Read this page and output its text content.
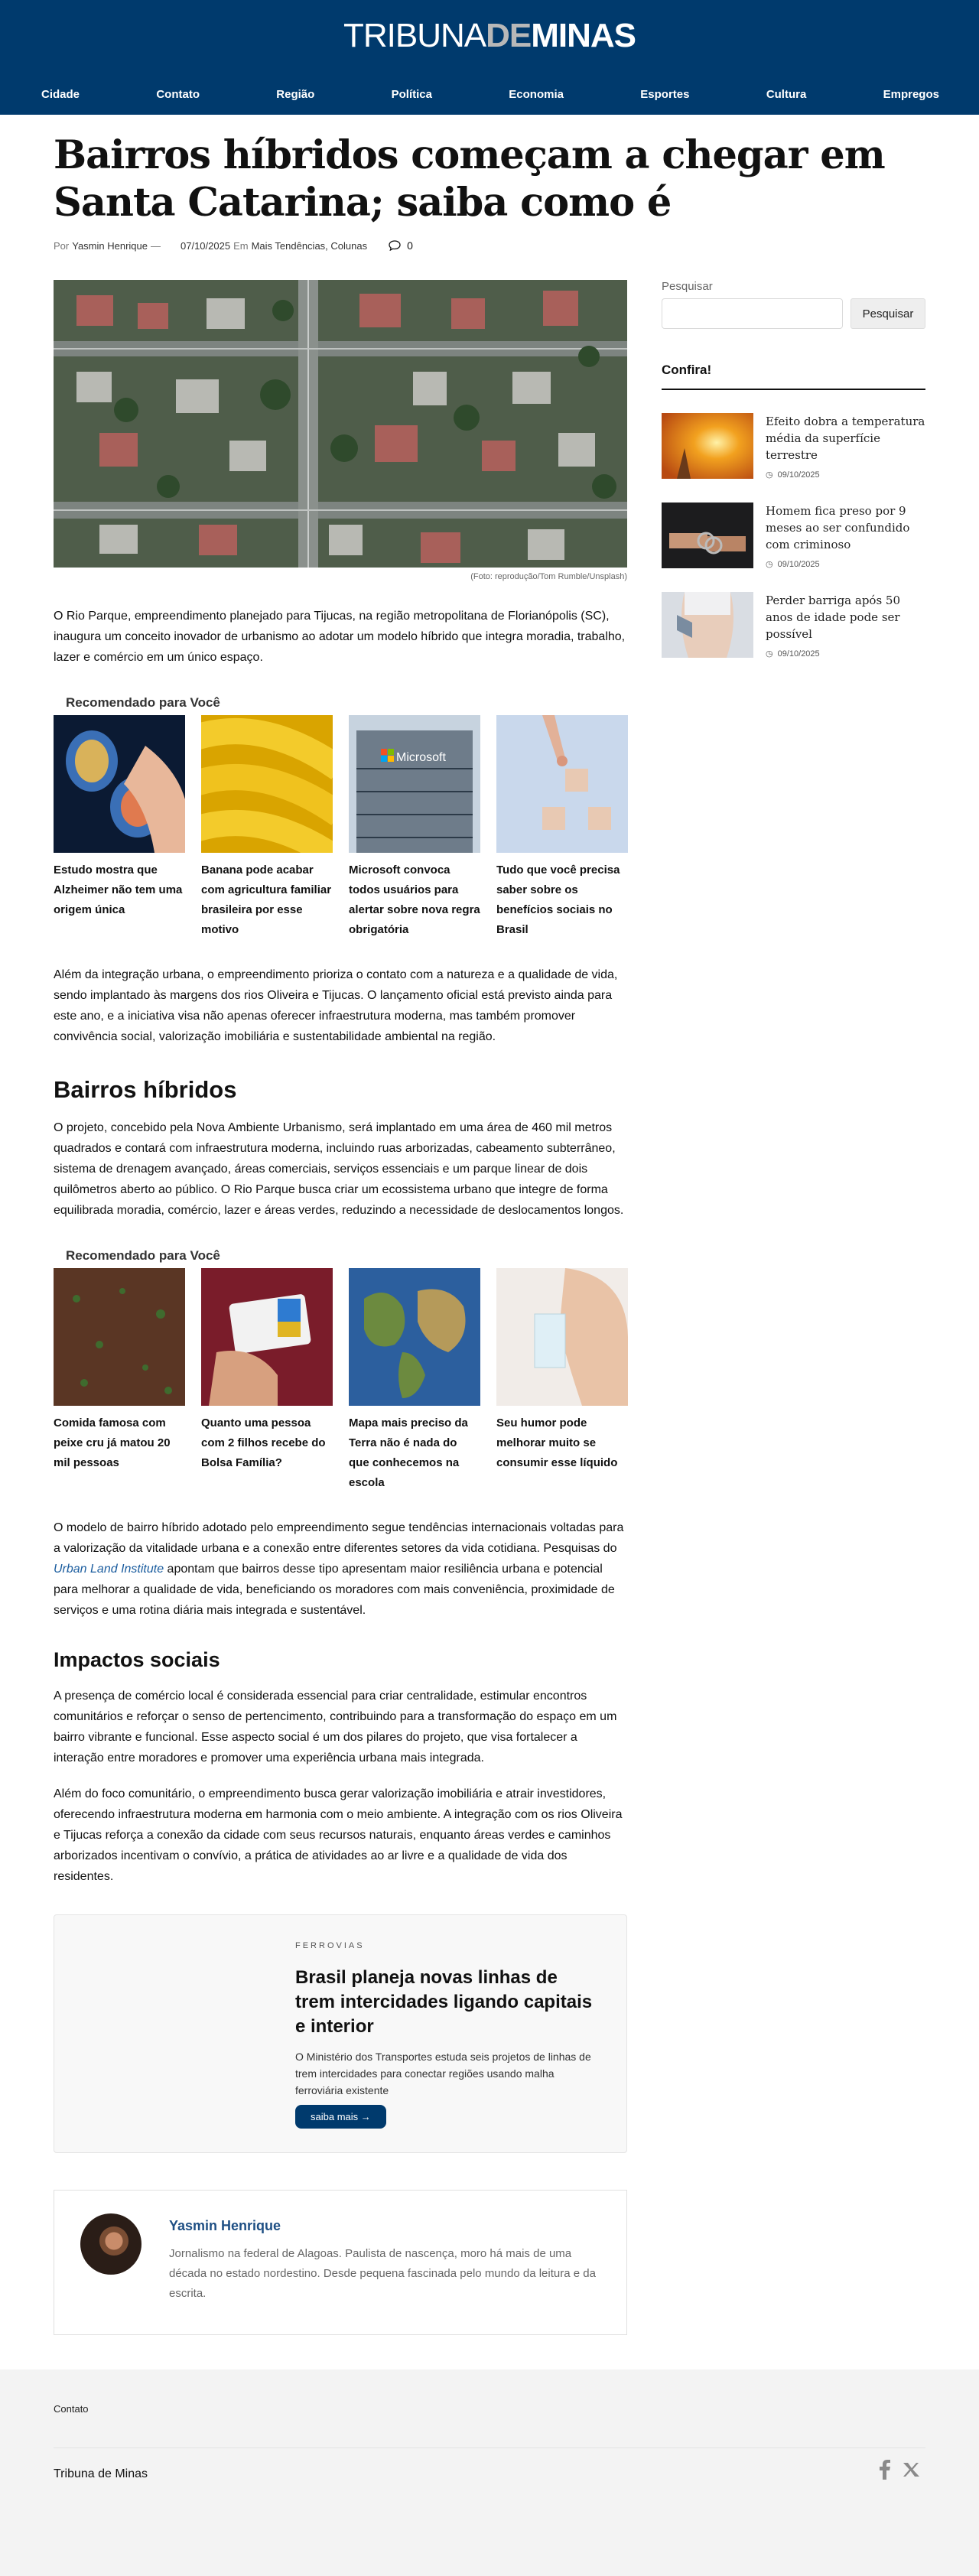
TRIBUNADEMINAS
Cidade	Contato	Região	Política	Economia	Esportes	Cultura	Empregos
Bairros híbridos começam a chegar em Santa Catarina; saiba como é
Por Yasmin Henrique — 07/10/2025 Em Mais Tendências, Colunas	0
(Foto: reprodução/Tom Rumble/Unsplash)

O Rio Parque, empreendimento planejado para Tijucas, na região metropolitana de Florianópolis (SC), inaugura um conceito inovador de urbanismo ao adotar um modelo híbrido que integra moradia, trabalho, lazer e comércio em um único espaço.

Recomendado para Você
Estudo mostra que Alzheimer não tem uma origem única
Banana pode acabar com agricultura familiar brasileira por esse motivo
Microsoft
Microsoft convoca todos usuários para alertar sobre nova regra obrigatória
Tudo que você precisa saber sobre os benefícios sociais no Brasil

Além da integração urbana, o empreendimento prioriza o contato com a natureza e a qualidade de vida, sendo implantado às margens dos rios Oliveira e Tijucas. O lançamento oficial está previsto ainda para este ano, e a iniciativa visa não apenas oferecer infraestrutura moderna, mas também promover convivência social, valorização imobiliária e sustentabilidade ambiental na região.

Bairros híbridos

O projeto, concebido pela Nova Ambiente Urbanismo, será implantado em uma área de 460 mil metros quadrados e contará com infraestrutura moderna, incluindo ruas arborizadas, cabeamento subterrâneo, sistema de drenagem avançado, áreas comerciais, serviços essenciais e um parque linear de dois quilômetros aberto ao público. O Rio Parque busca criar um ecossistema urbano que integre de forma equilibrada moradia, comércio, lazer e áreas verdes, reduzindo a necessidade de deslocamentos longos.

Recomendado para Você
Comida famosa com peixe cru já matou 20 mil pessoas
Quanto uma pessoa com 2 filhos recebe do Bolsa Família?
Mapa mais preciso da Terra não é nada do que conhecemos na escola
Seu humor pode melhorar muito se consumir esse líquido

O modelo de bairro híbrido adotado pelo empreendimento segue tendências internacionais voltadas para a valorização da vitalidade urbana e a conexão entre diferentes setores da vida cotidiana. Pesquisas do Urban Land Institute apontam que bairros desse tipo apresentam maior resiliência urbana e potencial para melhorar a qualidade de vida, beneficiando os moradores com mais conveniência, proximidade de serviços e uma rotina diária mais integrada e sustentável.

Impactos sociais

A presença de comércio local é considerada essencial para criar centralidade, estimular encontros comunitários e reforçar o senso de pertencimento, contribuindo para a transformação do espaço em um bairro vibrante e funcional. Esse aspecto social é um dos pilares do projeto, que visa fortalecer a interação entre moradores e promover uma experiência urbana mais integrada.

Além do foco comunitário, o empreendimento busca gerar valorização imobiliária e atrair investidores, oferecendo infraestrutura moderna em harmonia com o meio ambiente. A integração com os rios Oliveira e Tijucas reforça a conexão da cidade com seus recursos naturais, enquanto áreas verdes e caminhos arborizados incentivam o convívio, a prática de atividades ao ar livre e a qualidade de vida dos residentes.

FERROVIAS
Brasil planeja novas linhas de trem intercidades ligando capitais e interior
O Ministério dos Transportes estuda seis projetos de linhas de trem intercidades para conectar regiões usando malha ferroviária existente
saiba mais →
Yasmin Henrique
Jornalismo na federal de Alagoas. Paulista de nascença, moro há mais de uma década no estado nordestino. Desde pequena fascinada pelo mundo da leitura e da escrita.
Pesquisar
Pesquisar
Confira!
Efeito dobra a temperatura média da superfície terrestre
◷ 09/10/2025
Homem fica preso por 9 meses ao ser confundido com criminoso
◷ 09/10/2025
Perder barriga após 50 anos de idade pode ser possível
◷ 09/10/2025
Contato
Tribuna de Minas
